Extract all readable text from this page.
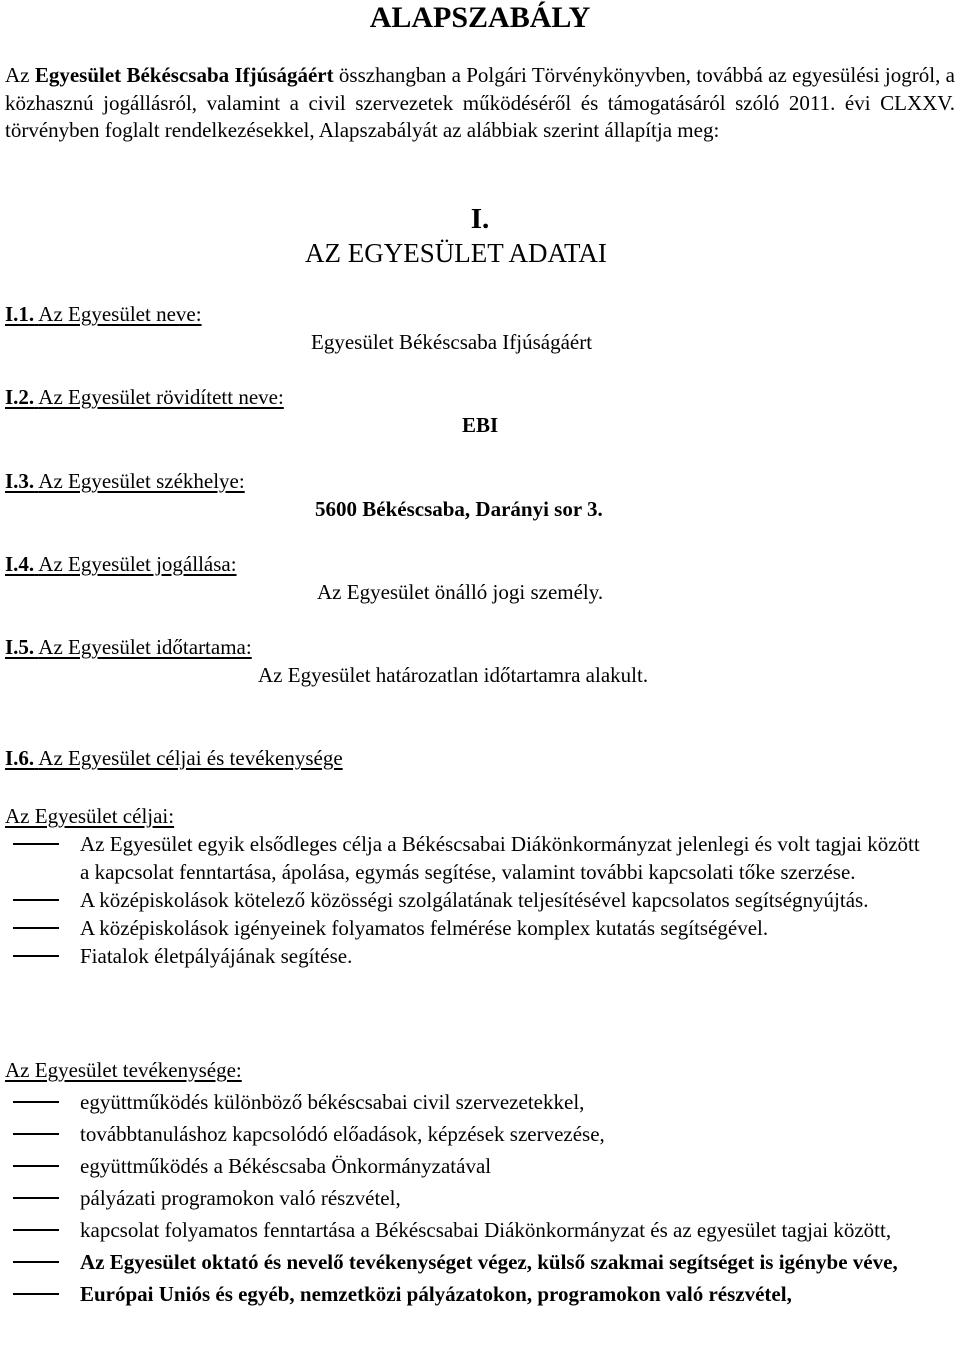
ALAPSZABÁLY
Az Egyesület Békéscsaba Ifjúságáért összhangban a Polgári Törvénykönyvben, továbbá az egyesülési jogról, a közhasznú jogállásról, valamint a civil szervezetek működéséről és támogatásáról szóló 2011. évi CLXXV. törvényben foglalt rendelkezésekkel, Alapszabályát az alábbiak szerint állapítja meg:
I.
AZ EGYESÜLET ADATAI
I.1. Az Egyesület neve:
Egyesület Békéscsaba Ifjúságáért
I.2. Az Egyesület rövidített neve:
EBI
I.3. Az Egyesület székhelye:
5600 Békéscsaba, Darányi sor 3.
I.4. Az Egyesület jogállása:
Az Egyesület önálló jogi személy.
I.5. Az Egyesület időtartama:
Az Egyesület határozatlan időtartamra alakult.
I.6. Az Egyesület céljai és tevékenysége
Az Egyesület céljai:
Az Egyesület egyik elsődleges célja a Békéscsabai Diákönkormányzat jelenlegi és volt tagjai között a kapcsolat fenntartása, ápolása, egymás segítése, valamint további kapcsolati tőke szerzése.
A középiskolások kötelező közösségi szolgálatának teljesítésével kapcsolatos segítségnyújtás.
A középiskolások igényeinek folyamatos felmérése komplex kutatás segítségével.
Fiatalok életpályájának segítése.
Az Egyesület tevékenysége:
együttműködés különböző békéscsabai civil szervezetekkel,
továbbtanuláshoz kapcsolódó előadások, képzések szervezése,
együttműködés a Békéscsaba Önkormányzatával
pályázati programokon való részvétel,
kapcsolat folyamatos fenntartása a Békéscsabai Diákönkormányzat és az egyesület tagjai között,
Az Egyesület oktató és nevelő tevékenységet végez, külső szakmai segítséget is igénybe véve,
Európai Uniós és egyéb, nemzetközi pályázatokon, programokon való részvétel,
